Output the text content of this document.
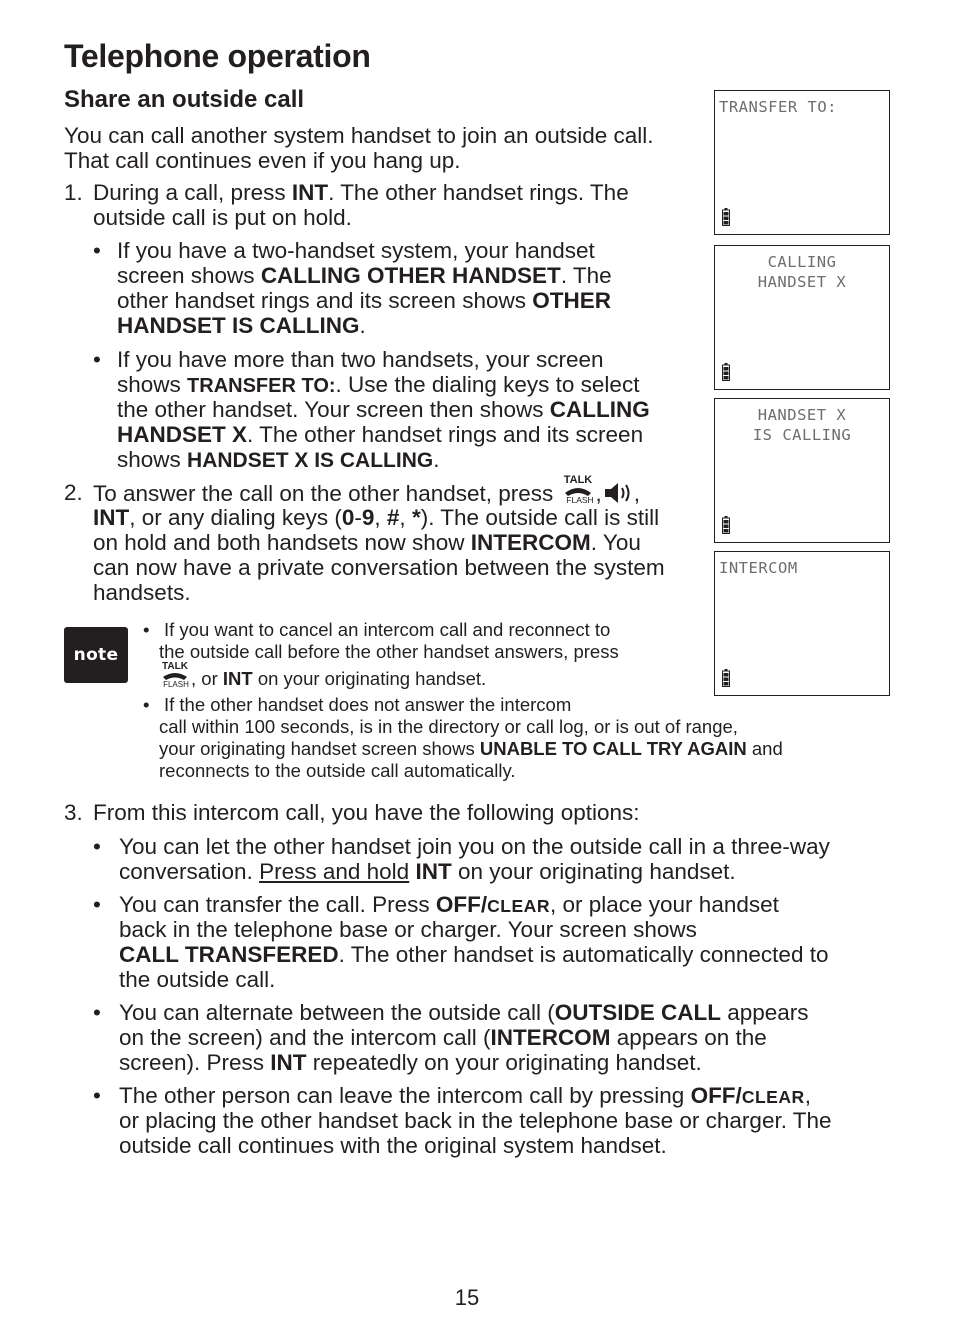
Telephone operation
Share an outside call
You can call another system handset to join an outside call.
That call continues even if you hang up.
1. During a call, press INT. The other handset rings. The
outside call is put on hold.
• If you have a two-handset system, your handset
screen shows CALLING OTHER HANDSET. The
other handset rings and its screen shows OTHER
HANDSET IS CALLING.
• If you have more than two handsets, your screen
shows TRANSFER TO:. Use the dialing keys to select
the other handset. Your screen then shows CALLING
HANDSET X. The other handset rings and its screen
shows HANDSET X IS CALLING.
2. To answer the call on the other handset, press
TALK
FLASH , ,
INT, or any dialing keys (0-9, #, *). The outside call is still
on hold and both handsets now show INTERCOM. You
can now have a private conversation between the system
handsets.
note
• If you want to cancel an intercom call and reconnect to
the outside call before the other handset answers, press
TALK
FLASH , or INT on your originating handset.
• If the other handset does not answer the intercom
call within 100 seconds, is in the directory or call log, or is out of range,
your originating handset screen shows UNABLE TO CALL TRY AGAIN and
reconnects to the outside call automatically.
3. From this intercom call, you have the following options:
• You can let the other handset join you on the outside call in a three-way
conversation. Press and hold INT on your originating handset.
• You can transfer the call. Press OFF/CLEAR, or place your handset
back in the telephone base or charger. Your screen shows
CALL TRANSFERED. The other handset is automatically connected to
the outside call.
• You can alternate between the outside call (OUTSIDE CALL appears
on the screen) and the intercom call (INTERCOM appears on the
screen). Press INT repeatedly on your originating handset.
• The other person can leave the intercom call by pressing OFF/CLEAR,
or placing the other handset back in the telephone base or charger. The
outside call continues with the original system handset.
TRANSFER TO:
CALLING
HANDSET X
HANDSET X
IS CALLING
INTERCOM
15
